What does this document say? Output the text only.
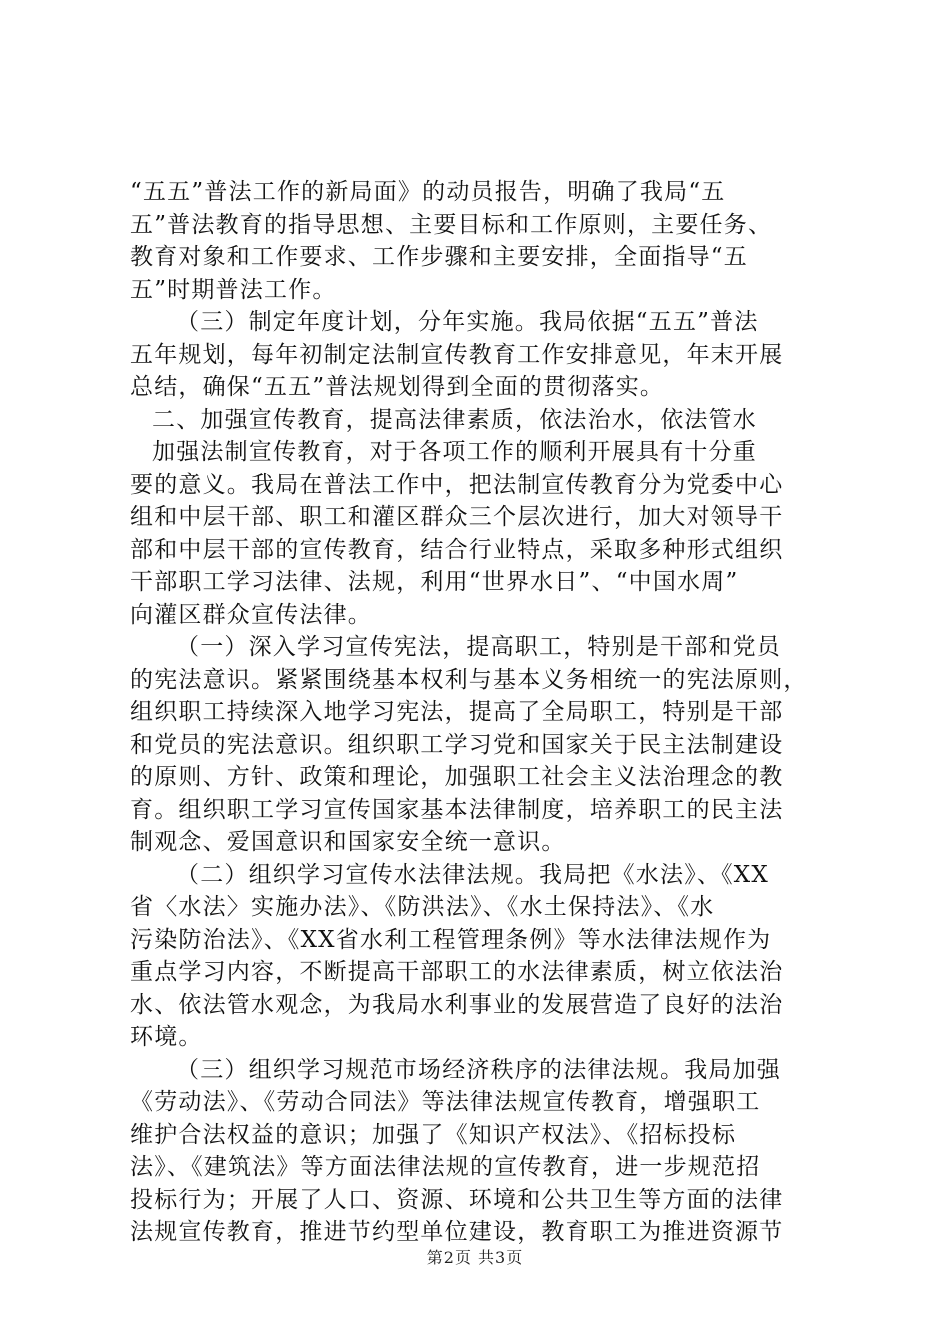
“五五”普法工作的新局面》的动员报告，明确了我局“五
五”普法教育的指导思想、主要目标和工作原则，主要任务、
教育对象和工作要求、工作步骤和主要安排，全面指导“五
五”时期普法工作。
（三）制定年度计划，分年实施。我局依据“五五”普法
五年规划，每年初制定法制宣传教育工作安排意见，年末开展
总结，确保“五五”普法规划得到全面的贯彻落实。
二、加强宣传教育，提高法律素质，依法治水，依法管水
加强法制宣传教育，对于各项工作的顺利开展具有十分重
要的意义。我局在普法工作中，把法制宣传教育分为党委中心
组和中层干部、职工和灌区群众三个层次进行，加大对领导干
部和中层干部的宣传教育，结合行业特点，采取多种形式组织
干部职工学习法律、法规，利用“世界水日”、“中国水周”
向灌区群众宣传法律。
（一）深入学习宣传宪法，提高职工，特别是干部和党员
的宪法意识。紧紧围绕基本权利与基本义务相统一的宪法原则，
组织职工持续深入地学习宪法，提高了全局职工，特别是干部
和党员的宪法意识。组织职工学习党和国家关于民主法制建设
的原则、方针、政策和理论，加强职工社会主义法治理念的教
育。组织职工学习宣传国家基本法律制度，培养职工的民主法
制观念、爱国意识和国家安全统一意识。
（二）组织学习宣传水法律法规。我局把《水法》、《XX
省〈水法〉实施办法》、《防洪法》、《水土保持法》、《水
污染防治法》、《XX省水利工程管理条例》等水法律法规作为
重点学习内容，不断提高干部职工的水法律素质，树立依法治
水、依法管水观念，为我局水利事业的发展营造了良好的法治
环境。
（三）组织学习规范市场经济秩序的法律法规。我局加强
《劳动法》、《劳动合同法》等法律法规宣传教育，增强职工
维护合法权益的意识；加强了《知识产权法》、《招标投标
法》、《建筑法》等方面法律法规的宣传教育，进一步规范招
投标行为；开展了人口、资源、环境和公共卫生等方面的法律
法规宣传教育，推进节约型单位建设，教育职工为推进资源节
第2页 共3页
